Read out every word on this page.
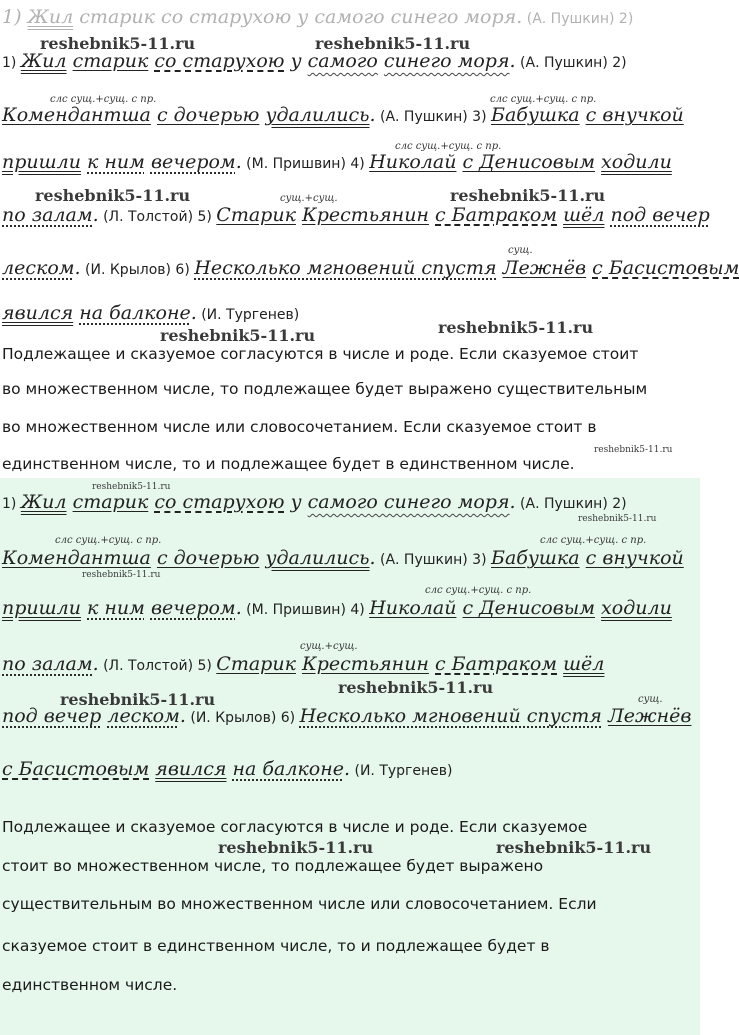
1) Жил старик со старухою у самого синего моря. (А. Пушкин) 2)
1) Жил старик со старухою у самого синего моря. (А. Пушкин) 2)
слс сущ.+сущ. с пр.	слс сущ.+сущ. с пр.
Комендантша с дочерью удалились. (А. Пушкин) 3) Бабушка с внучкой
слс сущ.+сущ. с пр.
пришли к ним вечером. (М. Пришвин) 4) Николай с Денисовым ходили
сущ.+сущ.
по залам. (Л. Толстой) 5) Старик Крестьянин с Батраком шёл под вечер
сущ.
леском. (И. Крылов) 6) Несколько мгновений спустя Лежнёв с Басистовым
явился на балконе. (И. Тургенев)
Подлежащее и сказуемое согласуются в числе и роде. Если сказуемое стоит
во множественном числе, то подлежащее будет выражено существительным
во множественном числе или словосочетанием. Если сказуемое стоит в
единственном числе, то и подлежащее будет в единственном числе.
1) Жил старик со старухою у самого синего моря. (А. Пушкин) 2)
слс сущ.+сущ. с пр.	слс сущ.+сущ. с пр.
Комендантша с дочерью удалились. (А. Пушкин) 3) Бабушка с внучкой
слс сущ.+сущ. с пр.
пришли к ним вечером. (М. Пришвин) 4) Николай с Денисовым ходили
сущ.+сущ.
по залам. (Л. Толстой) 5) Старик Крестьянин с Батраком шёл
сущ.
под вечер леском. (И. Крылов) 6) Несколько мгновений спустя Лежнёв
с Басистовым явился на балконе. (И. Тургенев)
Подлежащее и сказуемое согласуются в числе и роде. Если сказуемое
стоит во множественном числе, то подлежащее будет выражено
существительным во множественном числе или словосочетанием. Если
сказуемое стоит в единственном числе, то и подлежащее будет в
единственном числе.
reshebnik5-11.ru	reshebnik5-11.ru
reshebnik5-11.ru	reshebnik5-11.ru
reshebnik5-11.ru	reshebnik5-11.ru
reshebnik5-11.ru
reshebnik5-11.ru
reshebnik5-11.ru
reshebnik5-11.ru
reshebnik5-11.ru
reshebnik5-11.ru
reshebnik5-11.ru	reshebnik5-11.ru
